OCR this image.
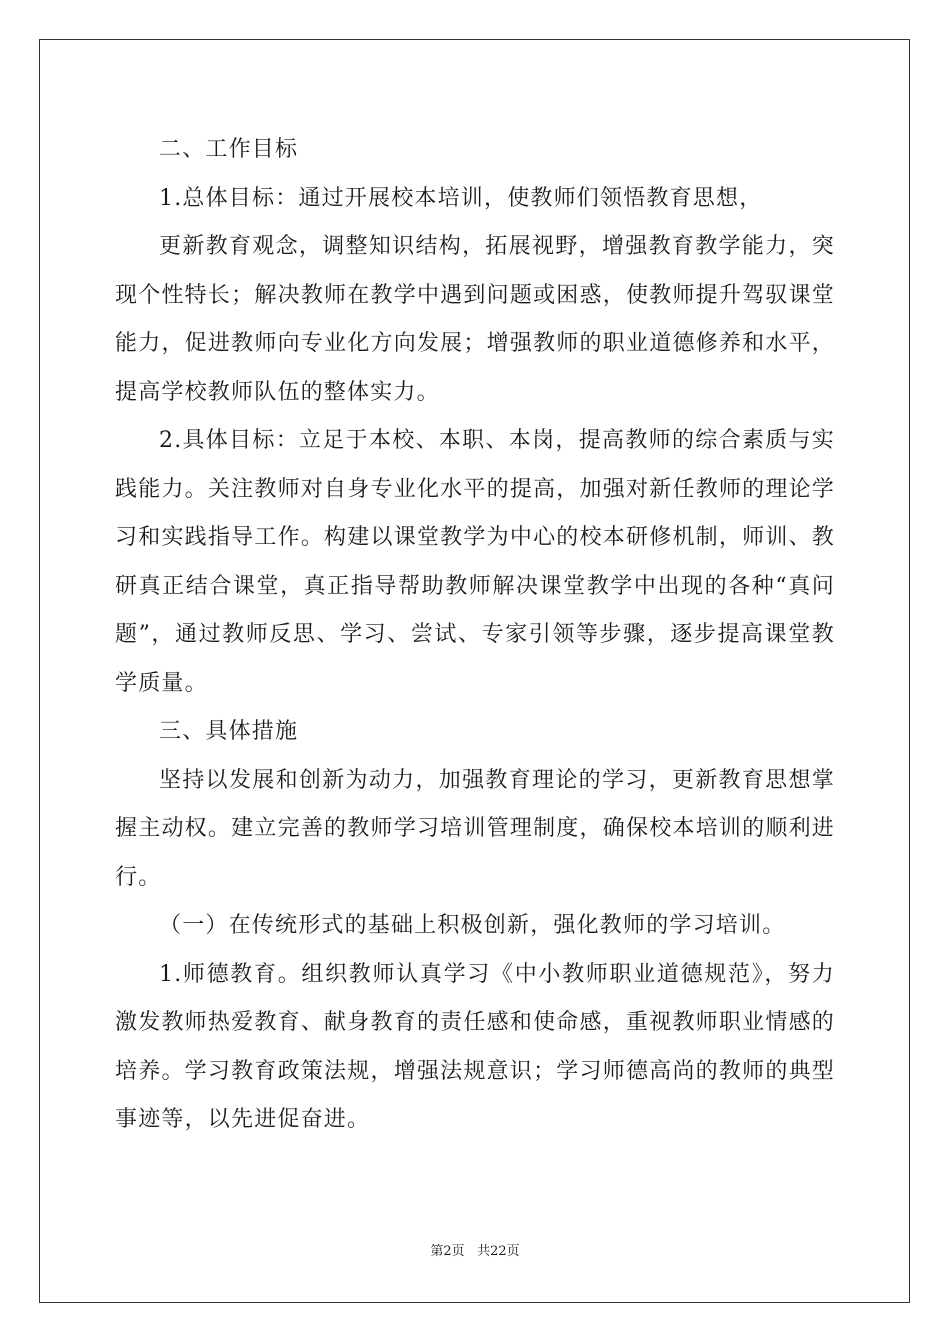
二、工作目标

1.总体目标：通过开展校本培训，使教师们领悟教育思想，

更新教育观念，调整知识结构，拓展视野，增强教育教学能力，突现个性特长；解决教师在教学中遇到问题或困惑，使教师提升驾驭课堂能力，促进教师向专业化方向发展；增强教师的职业道德修养和水平，提高学校教师队伍的整体实力。

2.具体目标：立足于本校、本职、本岗，提高教师的综合素质与实践能力。关注教师对自身专业化水平的提高，加强对新任教师的理论学习和实践指导工作。构建以课堂教学为中心的校本研修机制，师训、教研真正结合课堂，真正指导帮助教师解决课堂教学中出现的各种“真问题”，通过教师反思、学习、尝试、专家引领等步骤，逐步提高课堂教学质量。

三、具体措施

坚持以发展和创新为动力，加强教育理论的学习，更新教育思想掌握主动权。建立完善的教师学习培训管理制度，确保校本培训的顺利进行。

（一）在传统形式的基础上积极创新，强化教师的学习培训。

1.师德教育。组织教师认真学习《中小教师职业道德规范》，努力激发教师热爱教育、献身教育的责任感和使命感，重视教师职业情感的培养。学习教育政策法规，增强法规意识；学习师德高尚的教师的典型事迹等，以先进促奋进。

第2页 共22页
